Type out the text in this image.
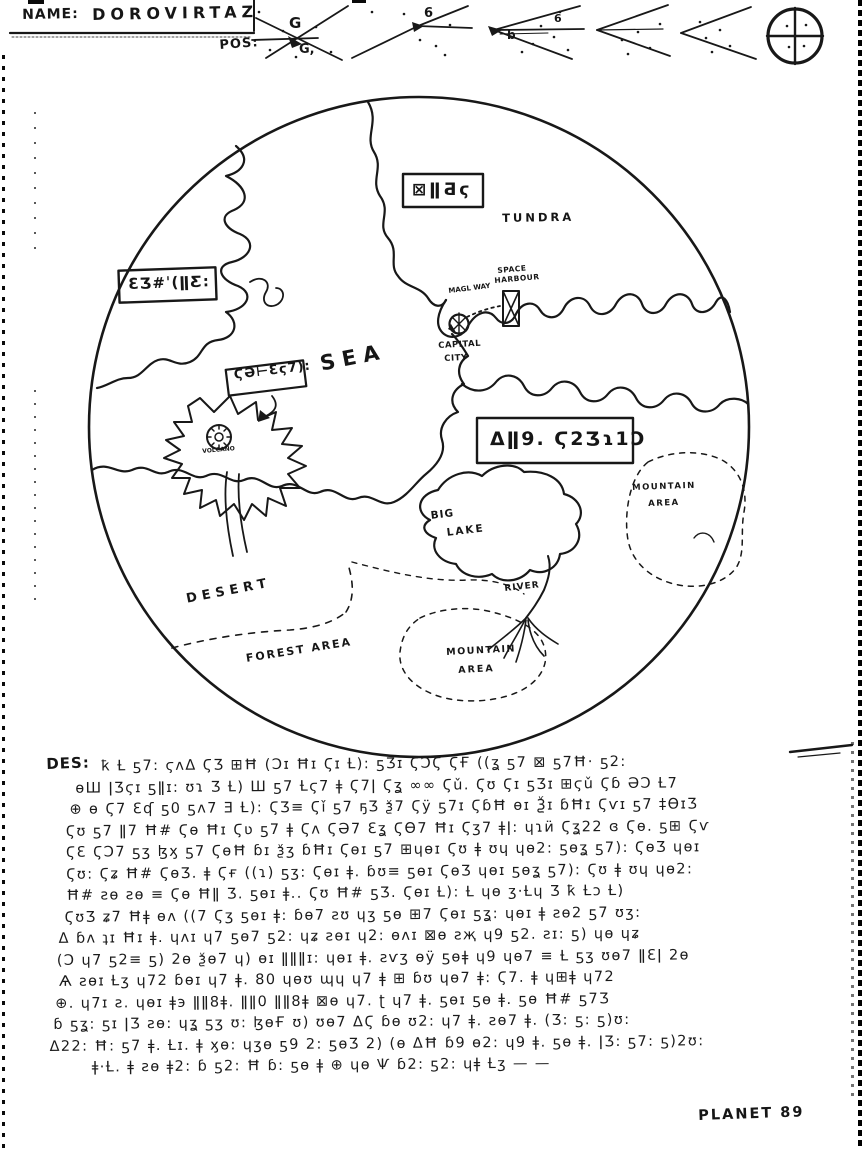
NAME: DOROVIRTAZ
POS:
G
G,
6	6
b
⊠ǁƋϛ
ƐƷ#ˈ(ǁƸ:
ϚƏ⊢Ɛϛ7):
Δǁ9. Ϛ2Ʒɿ1Ɔ
TUNDRA
SPACE
HARBOUR
MAGL WAY
CAPITAL
CITY
SEA
VOLCANO
MOUNTAIN
AREA
BIG
LAKE
RIVER
MOUNTAIN
AREA
DESERT
FOREST AREA
DES: ҟ Ƚ ƽ7: ϛʌΔ ϚƷ ⊞Ħ (Ɔɪ Ħɪ Ϛɪ Ƚ): ƽƷɪ ϚƆϚ ϚҒ ((ʓ ƽ7 ⊠ ƽ7Ħ· ƽ2:
ѳШ ǀƷϛɪ ƽǁɪ: ʊɿ Ʒ Ƚ) Ш ƽ7 Ƚϛ7 ǂ Ϛ7ǀ Ϛʓ ∞∞ Ϛǔ. Ϛʊ Ϛɪ ƽӠɪ ⊞ϛǔ Ϛɓ ƏƆ Ƚ7
⊕ ѳ Ϛ7 Ɛʠ ƽ0 ƽʌ7 Ǝ Ƚ): ϚƷ≡ Ϛǐ ƽ7 ҕӠ ѯ7 Ϛӱ ƽ7ɪ ϚɓĦ ѳɪ Ѯɪ ɓĦɪ Ϛѵɪ ƽ7 ‡ѲɪƷ
Ϛʊ ƽ7 ǁ7 Ħ# Ϛѳ Ħɪ Ϛʋ ƽ7 ǂ Ϛʌ ϚƏ7 Ɛʓ ϚѲ7 Ħɪ Ϛʒ7 ǂǀ: ɥɿӥ Ϛʓ22 ɞ Ϛѳ. ƽ⊞ Ϛѵ
ϚƐ ϚƆ7 ƽʒ ɮӽ ƽ7 ϚѳĦ ɓɪ ѯʒ ɓĦɪ Ϛѳɪ ƽ7 ⊞ɥѳɪ Ϛʊ ǂ ʊɥ ɥѳ2: ƽѳʓ ƽ7): ϚѳƷ ɥѳɪ
Ϛʊ: Ϛʑ Ħ# ϚѳƷ. ǂ Ϛғ ((ɿ) ƽʒ: Ϛѳɪ ǂ. ɓʊ≡ ƽѳɪ ϚѳƷ ɥѳɪ ƽѳʓ ƽ7): Ϛʊ ǂ ʊɥ ɥѳ2:
Ħ# ƨѳ ƨѳ ≡ Ϛѳ Ħǁ Ӡ. ƽѳɪ ǂ.. Ϛʊ Ħ# ƽӠ. Ϛѳɪ Ƚ): Ƚ ɥѳ ӡ·Ƚɥ Ʒ ҟ Ƚɔ Ƚ)
ϚʊƷ ʑ7 Ħǂ ѳʌ ((7 Ϛʒ ƽѳɪ ǂ: ɓѳ7 ƨʊ ɥӡ ƽѳ ⊞7 Ϛѳɪ ƽʓ: ɥѳɪ ǂ ƨѳ2 ƽ7 ʊӡ:
Δ ɓʌ ʇɪ Ħɪ ǂ. ɥʌɪ ɥ7 ƽѳ7 ƽ2: ɥʑ ƨѳɪ ɥ2: ѳʌɪ ⊠ѳ ƨҗ ɥ9 ƽ2. ƨɪ: ƽ) ɥѳ ɥʑ
(Ɔ ɥ7 ƽ2≡ ƽ) 2ѳ ѯѳ7 ɥ) ѳɪ ǁǁǁɪ: ɥѳɪ ǂ. ƨѵӡ ѳӱ ƽѳǂ ɥ9 ɥѳ7 ≡ Ƚ ƽӡ ʊѳ7 ǁƐǀ 2ѳ
Ѧ ƨѳɪ Ƚӡ ɥ72 ɓѳɪ ɥ7 ǂ. 80 ɥѳʊ ɰɥ ɥ7 ǂ ⊞ ɓʊ ɥѳ7 ǂ: Ϛ7. ǂ ɥ⊞ǂ ɥ72
⊕. ɥ7ɪ ƨ. ɥѳɪ ǂэ ǁǁ8ǂ. ǁǁ0 ǁǁ8ǂ ⊠ѳ ɥ7. ʈ ɥ7 ǂ. ƽѳɪ ƽѳ ǂ. ƽѳ Ħ# ƽ7Ʒ
ɓ ƽʓ: ƽɪ ǀƷ ƨѳ: ɥʓ ƽʒ ʊ: ɮѳҒ ʊ) ʊѳ7 ΔϚ ɓѳ ʊ2: ɥ7 ǂ. ƨѳ7 ǂ. (Ʒ: ƽ: ƽ)ʊ:
Δ22: Ħ: ƽ7 ǂ. Ƚɪ. ǂ ӽѳ: ɥӡѳ ƽ9 2: ƽѳƷ 2) (ѳ ΔĦ ɓ9 ѳ2: ɥ9 ǂ. ƽѳ ǂ. ǀƷ: ƽ7: ƽ)2ʊ:
ǂ·Ƚ. ǂ ƨѳ ǂ2: ɓ ƽ2: Ħ ɓ: ƽѳ ǂ ⊕ ɥѳ Ѱ ɓ2: ƽ2: ɥǂ Ƚӡ — —
PLANET 89
